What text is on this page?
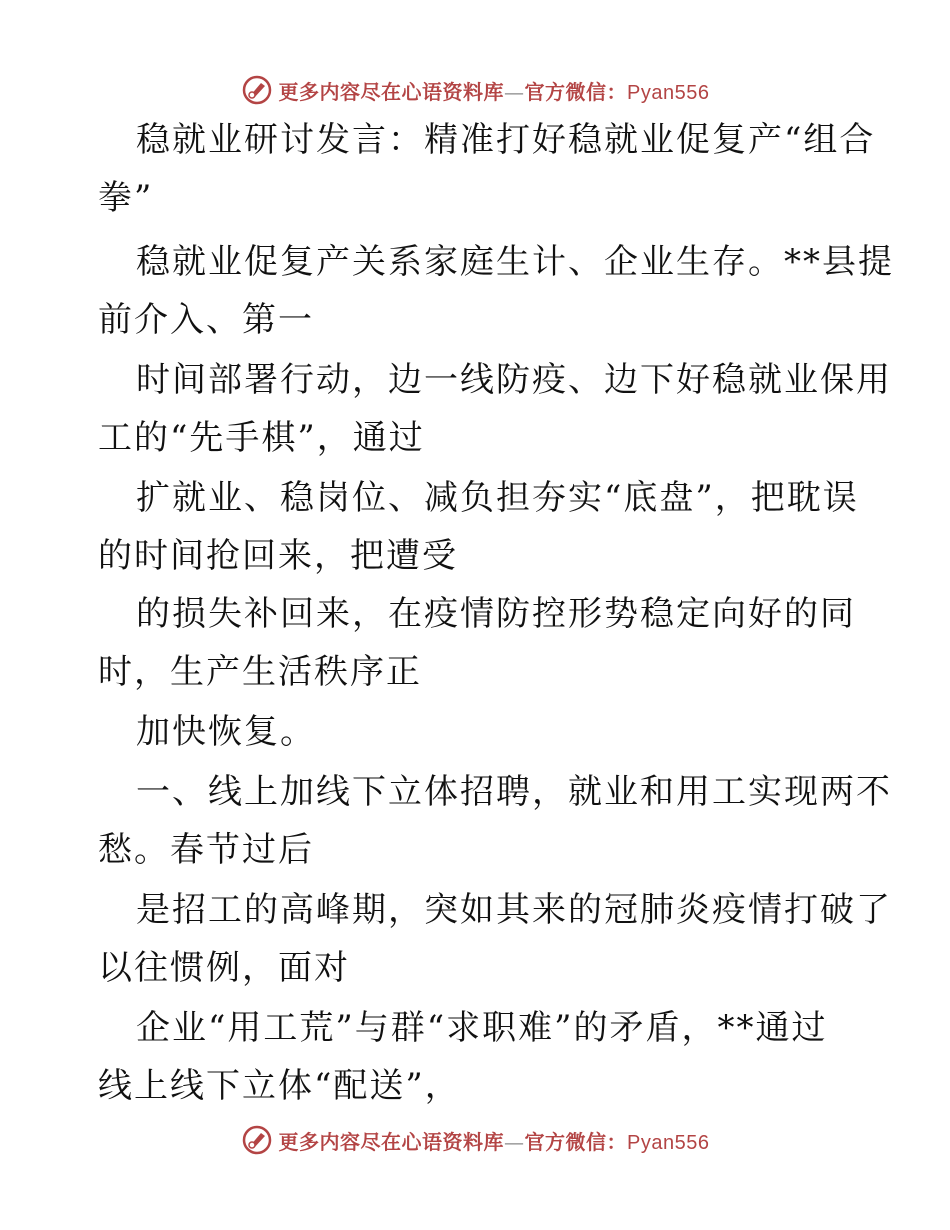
更多内容尽在心语资料库—官方微信：Pyan556
稳就业研讨发言：精准打好稳就业促复产“组合
拳”
稳就业促复产关系家庭生计、企业生存。**县提
前介入、第一
时间部署行动，边一线防疫、边下好稳就业保用
工的“先手棋”，通过
扩就业、稳岗位、减负担夯实“底盘”，把耽误
的时间抢回来，把遭受
的损失补回来，在疫情防控形势稳定向好的同
时，生产生活秩序正
加快恢复。
一、线上加线下立体招聘，就业和用工实现两不
愁。春节过后
是招工的高峰期，突如其来的冠肺炎疫情打破了
以往惯例，面对
企业“用工荒”与群“求职难”的矛盾，**通过
线上线下立体“配送”，
更多内容尽在心语资料库—官方微信：Pyan556
